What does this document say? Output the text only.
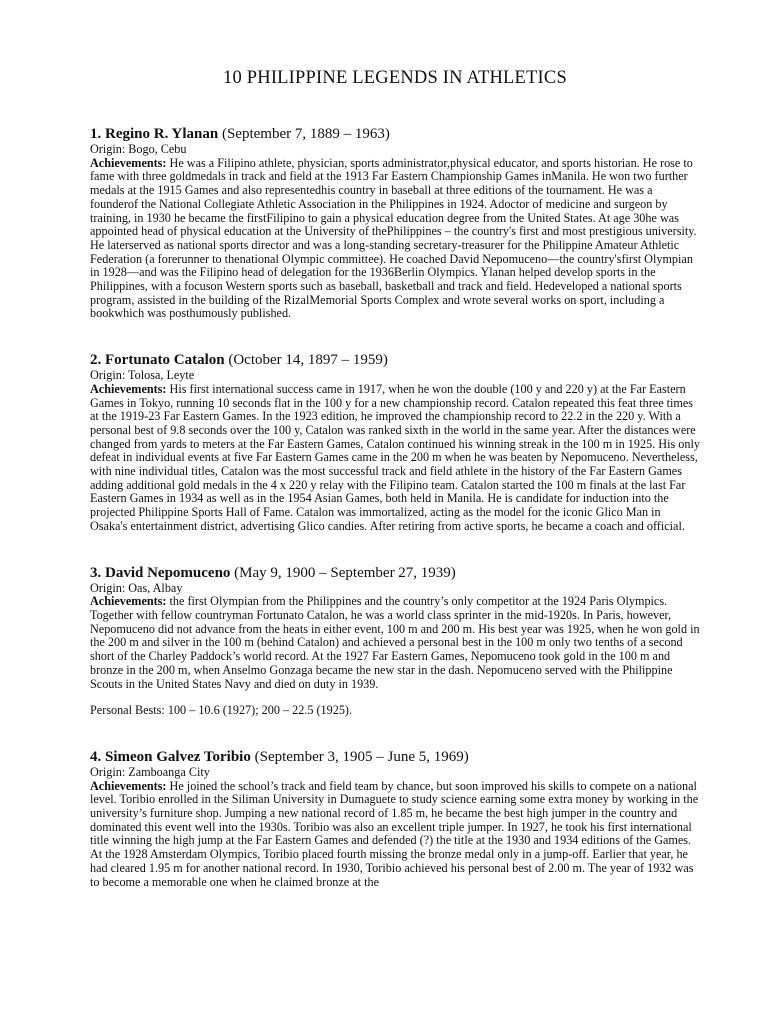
10 PHILIPPINE LEGENDS IN ATHLETICS

1. Regino R. Ylanan (September 7, 1889 – 1963)

Origin: Bogo, Cebu

Achievements: He was a Filipino athlete, physician, sports administrator,physical educator, and sports historian. He rose to fame with three goldmedals in track and field at the 1913 Far Eastern Championship Games inManila. He won two further medals at the 1915 Games and also representedhis country in baseball at three editions of the tournament. He was a founderof the National Collegiate Athletic Association in the Philippines in 1924. Adoctor of medicine and surgeon by training, in 1930 he became the firstFilipino to gain a physical education degree from the United States. At age 30he was appointed head of physical education at the University of thePhilippines – the country's first and most prestigious university. He laterserved as national sports director and was a long-standing secretary-treasurer for the Philippine Amateur Athletic Federation (a forerunner to thenational Olympic committee). He coached David Nepomuceno—the country'sfirst Olympian in 1928—and was the Filipino head of delegation for the 1936Berlin Olympics. Ylanan helped develop sports in the Philippines, with a focuson Western sports such as baseball, basketball and track and field. Hedeveloped a national sports program, assisted in the building of the RizalMemorial Sports Complex and wrote several works on sport, including a bookwhich was posthumously published.

2. Fortunato Catalon (October 14, 1897 – 1959)

Origin: Tolosa, Leyte

Achievements: His first international success came in 1917, when he won the double (100 y and 220 y) at the Far Eastern Games in Tokyo, running 10 seconds flat in the 100 y for a new championship record. Catalon repeated this feat three times at the 1919-23 Far Eastern Games. In the 1923 edition, he improved the championship record to 22.2 in the 220 y. With a personal best of 9.8 seconds over the 100 y, Catalon was ranked sixth in the world in the same year. After the distances were changed from yards to meters at the Far Eastern Games, Catalon continued his winning streak in the 100 m in 1925. His only defeat in individual events at five Far Eastern Games came in the 200 m when he was beaten by Nepomuceno. Nevertheless, with nine individual titles, Catalon was the most successful track and field athlete in the history of the Far Eastern Games adding additional gold medals in the 4 x 220 y relay with the Filipino team. Catalon started the 100 m finals at the last Far Eastern Games in 1934 as well as in the 1954 Asian Games, both held in Manila. He is candidate for induction into the projected Philippine Sports Hall of Fame. Catalon was immortalized, acting as the model for the iconic Glico Man in Osaka's entertainment district, advertising Glico candies. After retiring from active sports, he became a coach and official.

3. David Nepomuceno (May 9, 1900 – September 27, 1939)

Origin: Oas, Albay

Achievements: the first Olympian from the Philippines and the country’s only competitor at the 1924 Paris Olympics. Together with fellow countryman Fortunato Catalon, he was a world class sprinter in the mid-1920s. In Paris, however, Nepomuceno did not advance from the heats in either event, 100 m and 200 m. His best year was 1925, when he won gold in the 200 m and silver in the 100 m (behind Catalon) and achieved a personal best in the 100 m only two tenths of a second short of the Charley Paddock’s world record. At the 1927 Far Eastern Games, Nepomuceno took gold in the 100 m and bronze in the 200 m, when Anselmo Gonzaga became the new star in the dash. Nepomuceno served with the Philippine Scouts in the United States Navy and died on duty in 1939.

Personal Bests: 100 – 10.6 (1927); 200 – 22.5 (1925).

4. Simeon Galvez Toribio (September 3, 1905 – June 5, 1969)

Origin: Zamboanga City

Achievements: He joined the school’s track and field team by chance, but soon improved his skills to compete on a national level. Toribio enrolled in the Siliman University in Dumaguete to study science earning some extra money by working in the university’s furniture shop. Jumping a new national record of 1.85 m, he became the best high jumper in the country and dominated this event well into the 1930s. Toribio was also an excellent triple jumper. In 1927, he took his first international title winning the high jump at the Far Eastern Games and defended (?) the title at the 1930 and 1934 editions of the Games. At the 1928 Amsterdam Olympics, Toribio placed fourth missing the bronze medal only in a jump-off. Earlier that year, he had cleared 1.95 m for another national record. In 1930, Toribio achieved his personal best of 2.00 m. The year of 1932 was to become a memorable one when he claimed bronze at the
